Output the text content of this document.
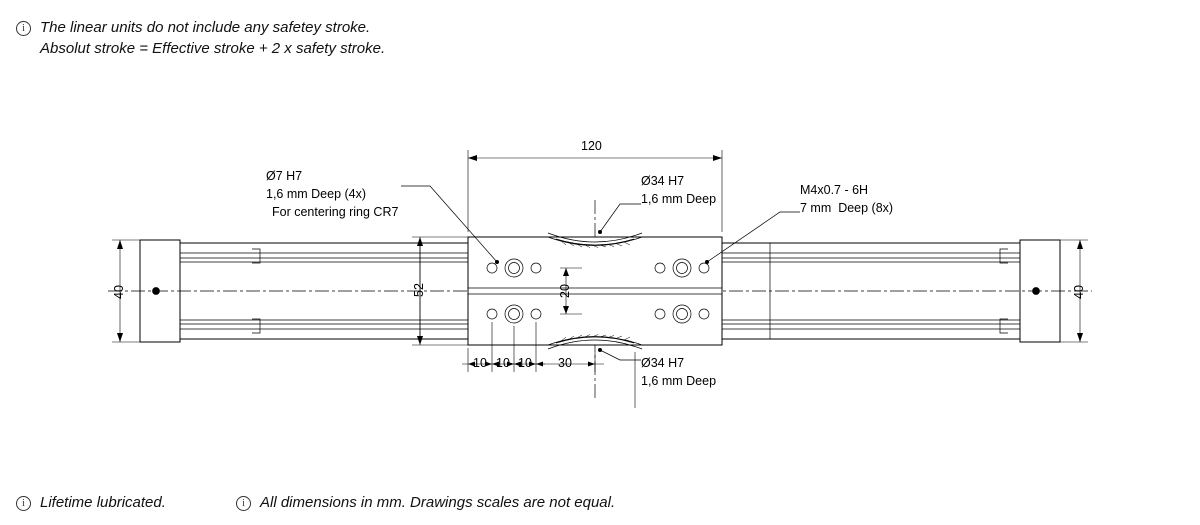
i	The linear units do not include any safetey stroke.
Absolut stroke = Effective stroke + 2 x safety stroke.
i	Lifetime lubricated.	i	All dimensions in mm. Drawings scales are not equal.
120
40	40
52	20
10 10 10 30
Ø7 H7
1,6 mm Deep (4x)
For centering ring CR7
Ø34 H7
1,6 mm Deep
M4x0.7 - 6H
7 mm  Deep (8x)
Ø34 H7
1,6 mm Deep
